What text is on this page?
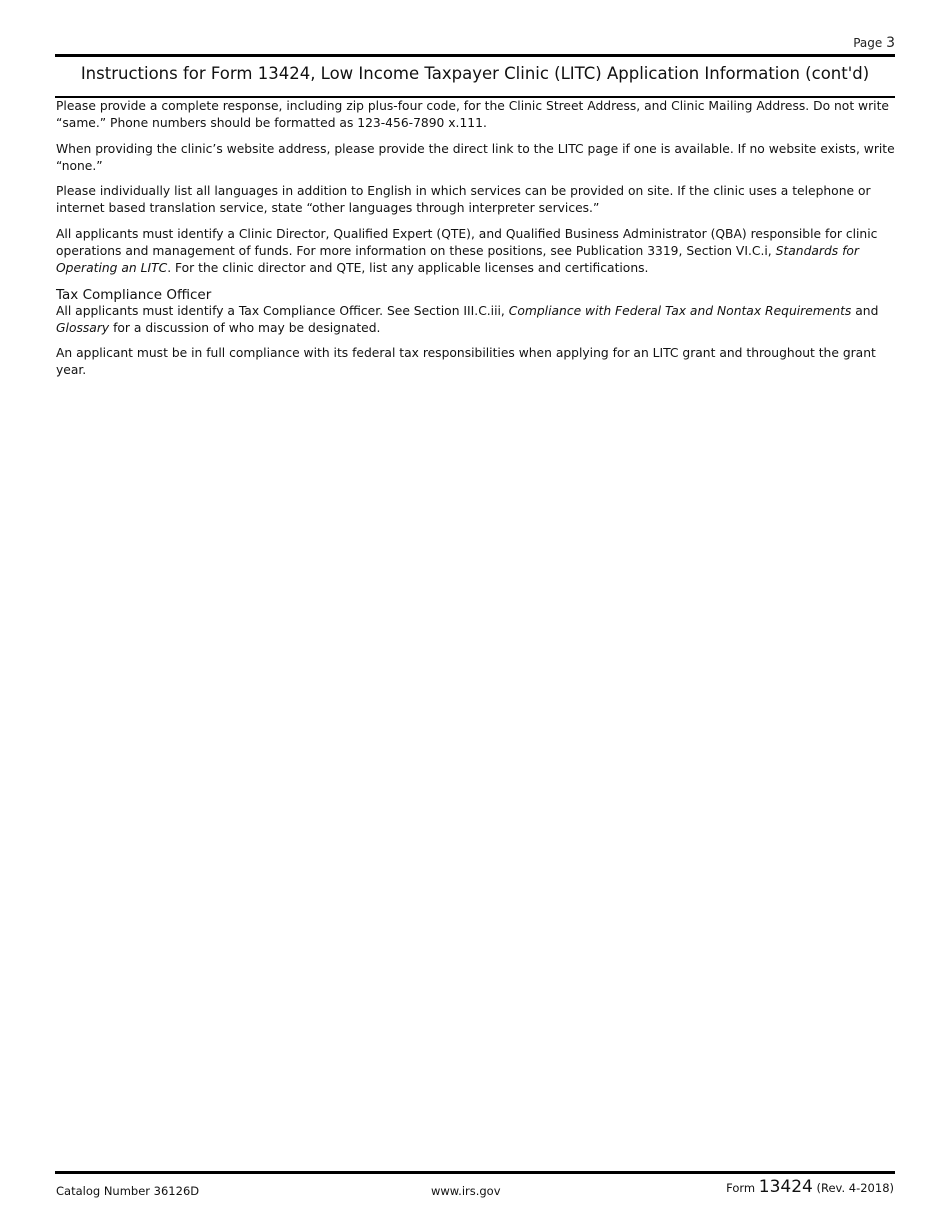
Page 3
Instructions for Form 13424, Low Income Taxpayer Clinic (LITC) Application Information (cont'd)

Please provide a complete response, including zip plus-four code, for the Clinic Street Address, and Clinic Mailing Address. Do not write “same.” Phone numbers should be formatted as 123-456-7890 x.111.

When providing the clinic’s website address, please provide the direct link to the LITC page if one is available. If no website exists, write “none.”

Please individually list all languages in addition to English in which services can be provided on site. If the clinic uses a telephone or internet based translation service, state “other languages through interpreter services.”

All applicants must identify a Clinic Director, Qualified Expert (QTE), and Qualified Business Administrator (QBA) responsible for clinic operations and management of funds. For more information on these positions, see Publication 3319, Section VI.C.i, Standards for Operating an LITC. For the clinic director and QTE, list any applicable licenses and certifications.

Tax Compliance Officer

All applicants must identify a Tax Compliance Officer. See Section III.C.iii, Compliance with Federal Tax and Nontax Requirements and Glossary for a discussion of who may be designated.

An applicant must be in full compliance with its federal tax responsibilities when applying for an LITC grant and throughout the grant year.

Catalog Number 36126D	www.irs.gov	Form 13424 (Rev. 4-2018)
